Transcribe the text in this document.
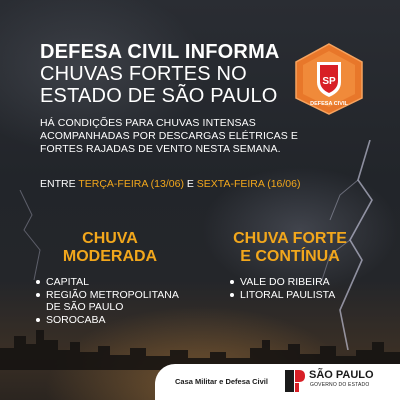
DEFESA CIVIL INFORMA
CHUVAS FORTES NO
ESTADO DE SÃO PAULO
SP
DEFESA CIVIL
HÁ CONDIÇÕES PARA CHUVAS INTENSAS ACOMPANHADAS POR DESCARGAS ELÉTRICAS E FORTES RAJADAS DE VENTO NESTA SEMANA.
ENTRE TERÇA-FEIRA (13/06) E SEXTA-FEIRA (16/06)
CHUVA
MODERADA
CAPITAL
REGIÃO METROPOLITANA DE SÃO PAULO
SOROCABA
CHUVA FORTE
E CONTÍNUA
VALE DO RIBEIRA
LITORAL PAULISTA
Casa Militar e Defesa Civil
SÃO PAULO
GOVERNO DO ESTADO
